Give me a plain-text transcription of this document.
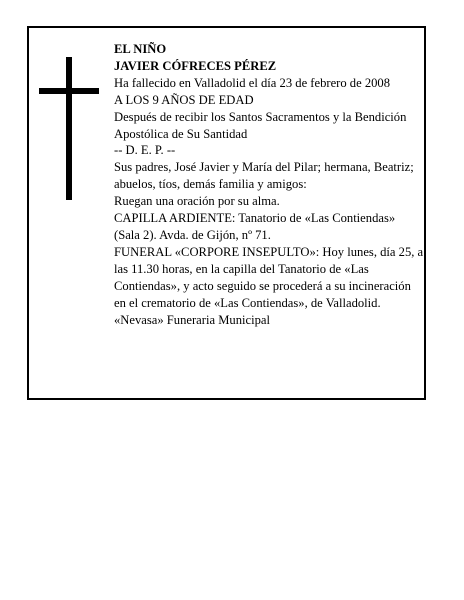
EL NIÑO

JAVIER CÓFRECES PÉREZ

Ha fallecido en Valladolid el día 23 de febrero de 2008

A LOS 9 AÑOS DE EDAD

Después de recibir los Santos Sacramentos y la Bendición Apostólica de Su Santidad

-- D. E. P. --

Sus padres, José Javier y María del Pilar; hermana, Beatriz; abuelos, tíos, demás familia y amigos:

Ruegan una oración por su alma.

CAPILLA ARDIENTE: Tanatorio de «Las Contiendas» (Sala 2). Avda. de Gijón, nº 71.

FUNERAL «CORPORE INSEPULTO»: Hoy lunes, día 25, a las 11.30 horas, en la capilla del Tanatorio de «Las Contiendas», y acto seguido se procederá a su incineración en el crematorio de «Las Contiendas», de Valladolid.

«Nevasa» Funeraria Municipal
